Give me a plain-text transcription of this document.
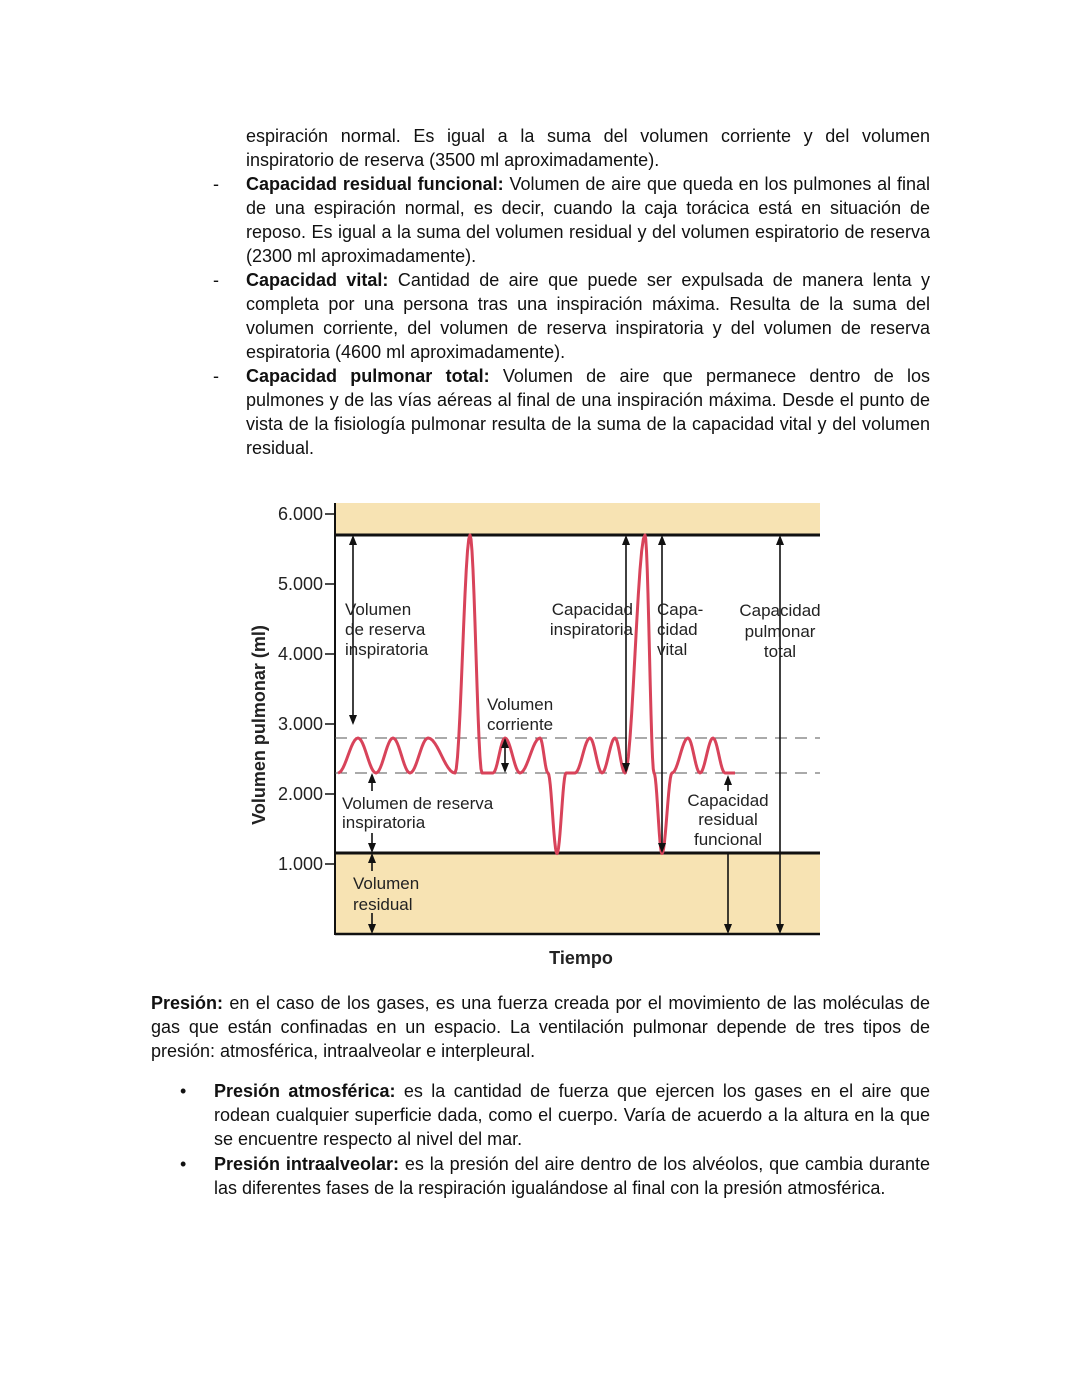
espiración normal. Es igual a la suma del volumen corriente y del volumen inspiratorio de reserva (3500 ml aproximadamente).
- Capacidad residual funcional: Volumen de aire que queda en los pulmones al final de una espiración normal, es decir, cuando la caja torácica está en situación de reposo. Es igual a la suma del volumen residual y del volumen espiratorio de reserva (2300 ml aproximadamente).
- Capacidad vital: Cantidad de aire que puede ser expulsada de manera lenta y completa por una persona tras una inspiración máxima. Resulta de la suma del volumen corriente, del volumen de reserva inspiratoria y del volumen de reserva espiratoria (4600 ml aproximadamente).
- Capacidad pulmonar total: Volumen de aire que permanece dentro de los pulmones y de las vías aéreas al final de una inspiración máxima. Desde el punto de vista de la fisiología pulmonar resulta de la suma de la capacidad vital y del volumen residual.
6.000
5.000
4.000
3.000
2.000
1.000
Volumen
de reserva
inspiratoria
Volumen
corriente
Capacidad
inspiratoria
Capa-
cidad
vital
Capacidad
pulmonar
total
Volumen de reserva
inspiratoria
Volumen
residual
Capacidad
residual
funcional
Tiempo
Volumen pulmonar (ml)
Presión: en el caso de los gases, es una fuerza creada por el movimiento de las moléculas de gas que están confinadas en un espacio. La ventilación pulmonar depende de tres tipos de presión: atmosférica, intraalveolar e interpleural.
• Presión atmosférica: es la cantidad de fuerza que ejercen los gases en el aire que rodean cualquier superficie dada, como el cuerpo. Varía de acuerdo a la altura en la que se encuentre respecto al nivel del mar.
• Presión intraalveolar: es la presión del aire dentro de los alvéolos, que cambia durante las diferentes fases de la respiración igualándose al final con la presión atmosférica.
